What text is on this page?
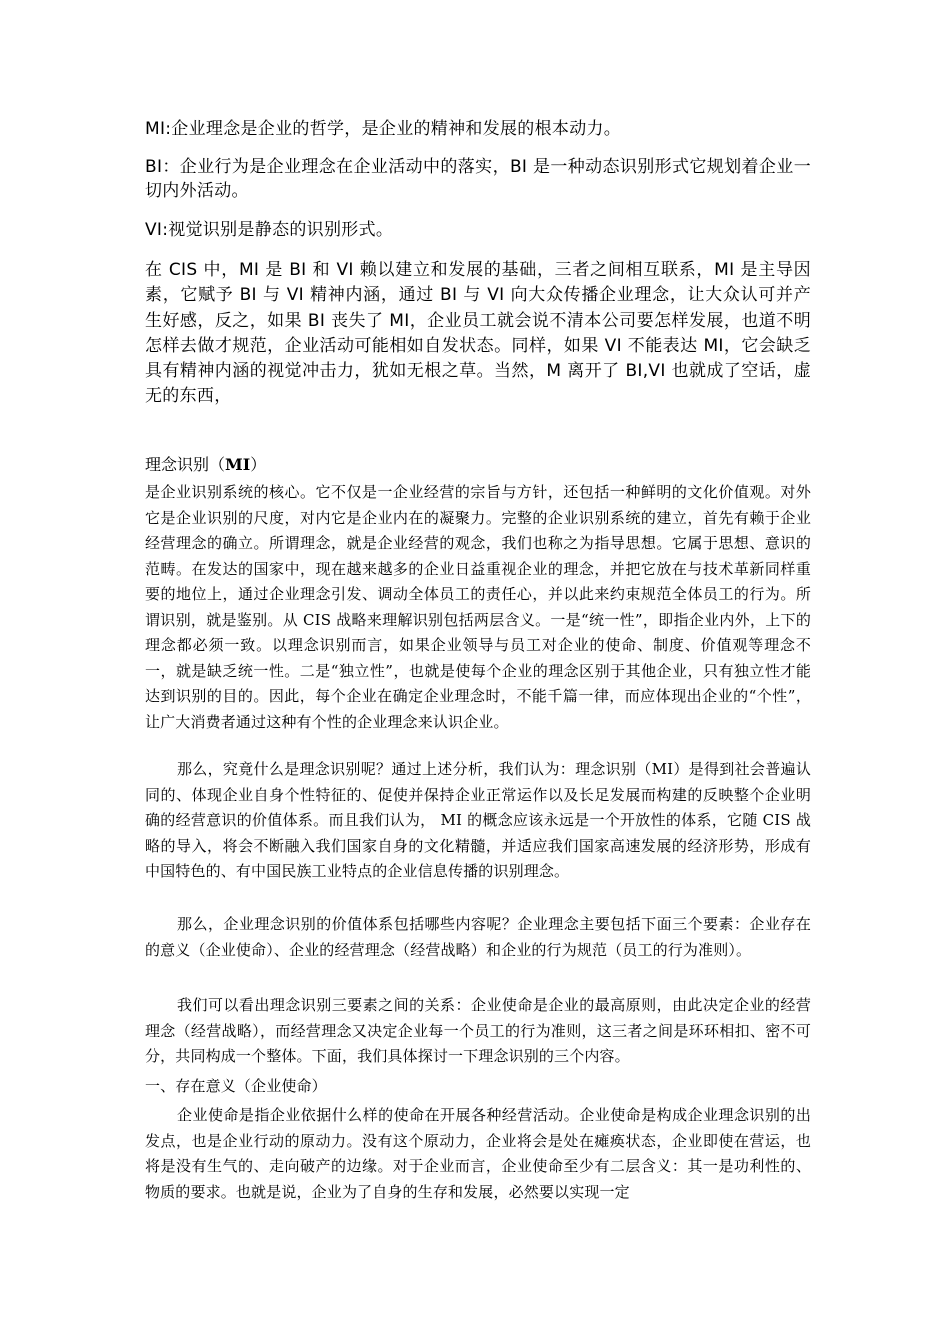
MI:企业理念是企业的哲学，是企业的精神和发展的根本动力。

BI：企业行为是企业理念在企业活动中的落实，BI 是一种动态识别形式它规划着企业一切内外活动。

VI:视觉识别是静态的识别形式。

在 CIS 中，MI 是 BI 和 VI 赖以建立和发展的基础，三者之间相互联系，MI 是主导因素，它赋予 BI 与 VI 精神内涵，通过 BI 与 VI 向大众传播企业理念，让大众认可并产生好感，反之，如果 BI 丧失了 MI，企业员工就会说不清本公司要怎样发展，也道不明怎样去做才规范，企业活动可能相如自发状态。同样，如果 VI 不能表达 MI，它会缺乏具有精神内涵的视觉冲击力，犹如无根之草。当然，M 离开了 BI,VI 也就成了空话，虚无的东西，

理念识别（MI）

是企业识别系统的核心。它不仅是一企业经营的宗旨与方针，还包括一种鲜明的文化价值观。对外它是企业识别的尺度，对内它是企业内在的凝聚力。完整的企业识别系统的建立，首先有赖于企业经营理念的确立。所谓理念，就是企业经营的观念，我们也称之为指导思想。它属于思想、意识的范畴。在发达的国家中，现在越来越多的企业日益重视企业的理念，并把它放在与技术革新同样重要的地位上，通过企业理念引发、调动全体员工的责任心，并以此来约束规范全体员工的行为。所谓识别，就是鉴别。从 CIS 战略来理解识别包括两层含义。一是“统一性”，即指企业内外，上下的理念都必须一致。以理念识别而言，如果企业领导与员工对企业的使命、制度、价值观等理念不一，就是缺乏统一性。二是“独立性”，也就是使每个企业的理念区别于其他企业，只有独立性才能达到识别的目的。因此，每个企业在确定企业理念时，不能千篇一律，而应体现出企业的“个性”，让广大消费者通过这种有个性的企业理念来认识企业。

那么，究竟什么是理念识别呢？通过上述分析，我们认为：理念识别（MI）是得到社会普遍认同的、体现企业自身个性特征的、促使并保持企业正常运作以及长足发展而构建的反映整个企业明确的经营意识的价值体系。而且我们认为， MI 的概念应该永远是一个开放性的体系，它随 CIS 战略的导入，将会不断融入我们国家自身的文化精髓，并适应我们国家高速发展的经济形势，形成有中国特色的、有中国民族工业特点的企业信息传播的识别理念。

那么，企业理念识别的价值体系包括哪些内容呢？企业理念主要包括下面三个要素：企业存在的意义（企业使命）、企业的经营理念（经营战略）和企业的行为规范（员工的行为准则）。

我们可以看出理念识别三要素之间的关系：企业使命是企业的最高原则，由此决定企业的经营理念（经营战略），而经营理念又决定企业每一个员工的行为准则，这三者之间是环环相扣、密不可分，共同构成一个整体。下面，我们具体探讨一下理念识别的三个内容。

一、存在意义（企业使命）

企业使命是指企业依据什么样的使命在开展各种经营活动。企业使命是构成企业理念识别的出发点，也是企业行动的原动力。没有这个原动力，企业将会是处在瘫痪状态，企业即使在营运，也将是没有生气的、走向破产的边缘。对于企业而言，企业使命至少有二层含义：其一是功利性的、物质的要求。也就是说，企业为了自身的生存和发展，必然要以实现一定
